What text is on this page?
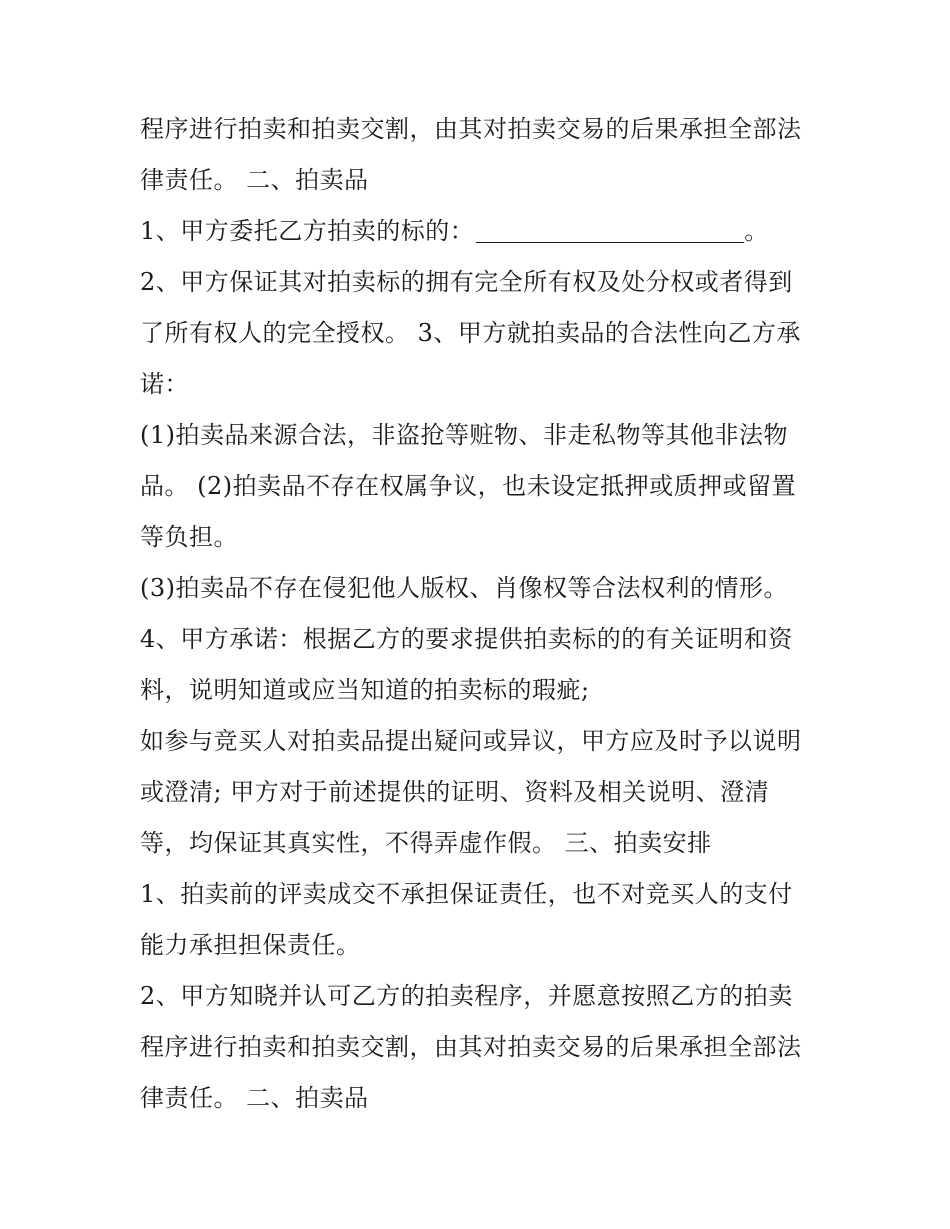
程序进行拍卖和拍卖交割，由其对拍卖交易的后果承担全部法
律责任。 二、拍卖品
1、甲方委托乙方拍卖的标的：	。
2、甲方保证其对拍卖标的拥有完全所有权及处分权或者得到
了所有权人的完全授权。 3、甲方就拍卖品的合法性向乙方承
诺：
(1)拍卖品来源合法，非盗抢等赃物、非走私物等其他非法物
品。 (2)拍卖品不存在权属争议，也未设定抵押或质押或留置
等负担。
(3)拍卖品不存在侵犯他人版权、肖像权等合法权利的情形。
4、甲方承诺：根据乙方的要求提供拍卖标的的有关证明和资
料，说明知道或应当知道的拍卖标的瑕疵;
如参与竞买人对拍卖品提出疑问或异议，甲方应及时予以说明
或澄清; 甲方对于前述提供的证明、资料及相关说明、澄清
等，均保证其真实性，不得弄虚作假。 三、拍卖安排
1、拍卖前的评卖成交不承担保证责任，也不对竞买人的支付
能力承担担保责任。
2、甲方知晓并认可乙方的拍卖程序，并愿意按照乙方的拍卖
程序进行拍卖和拍卖交割，由其对拍卖交易的后果承担全部法
律责任。 二、拍卖品
